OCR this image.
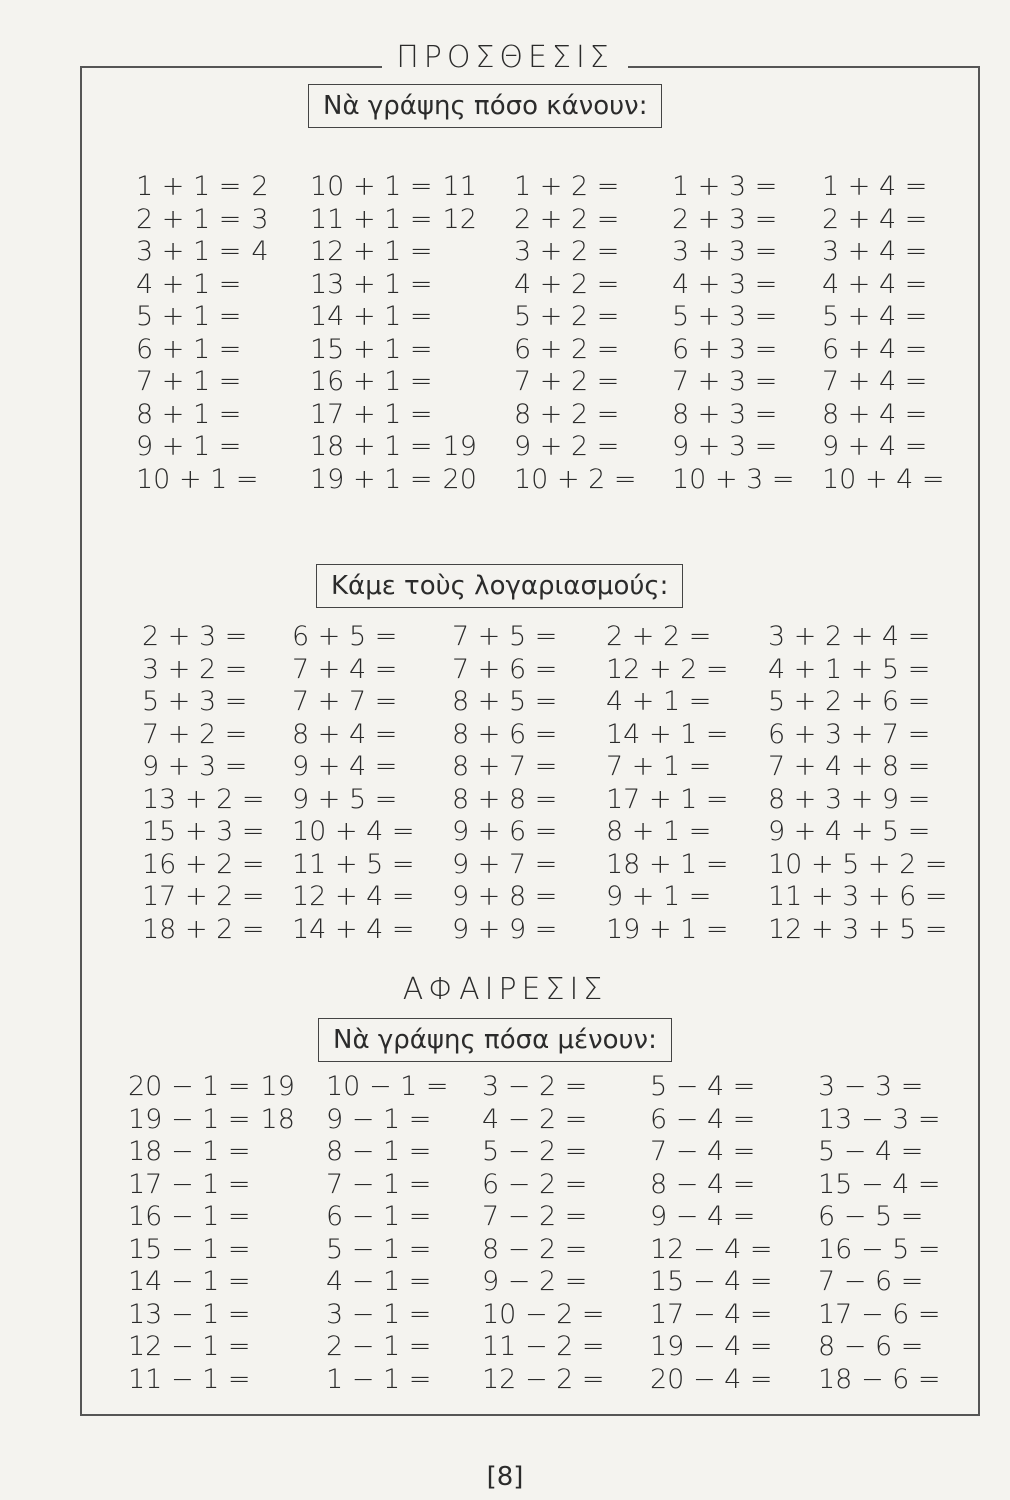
ΠΡΟΣΘΕΣΙΣ
Νὰ γράψης πόσο κάνουν:
1 + 1 = 2
2 + 1 = 3
3 + 1 = 4
4 + 1 =
5 + 1 =
6 + 1 =
7 + 1 =
8 + 1 =
9 + 1 =
10 + 1 =
10 + 1 = 11
11 + 1 = 12
12 + 1 =
13 + 1 =
14 + 1 =
15 + 1 =
16 + 1 =
17 + 1 =
18 + 1 = 19
19 + 1 = 20
1 + 2 =
2 + 2 =
3 + 2 =
4 + 2 =
5 + 2 =
6 + 2 =
7 + 2 =
8 + 2 =
9 + 2 =
10 + 2 =
1 + 3 =
2 + 3 =
3 + 3 =
4 + 3 =
5 + 3 =
6 + 3 =
7 + 3 =
8 + 3 =
9 + 3 =
10 + 3 =
1 + 4 =
2 + 4 =
3 + 4 =
4 + 4 =
5 + 4 =
6 + 4 =
7 + 4 =
8 + 4 =
9 + 4 =
10 + 4 =
Κάμε τοὺς λογαριασμούς:
2 + 3 =
3 + 2 =
5 + 3 =
7 + 2 =
9 + 3 =
13 + 2 =
15 + 3 =
16 + 2 =
17 + 2 =
18 + 2 =
6 + 5 =
7 + 4 =
7 + 7 =
8 + 4 =
9 + 4 =
9 + 5 =
10 + 4 =
11 + 5 =
12 + 4 =
14 + 4 =
7 + 5 =
7 + 6 =
8 + 5 =
8 + 6 =
8 + 7 =
8 + 8 =
9 + 6 =
9 + 7 =
9 + 8 =
9 + 9 =
2 + 2 =
12 + 2 =
4 + 1 =
14 + 1 =
7 + 1 =
17 + 1 =
8 + 1 =
18 + 1 =
9 + 1 =
19 + 1 =
3 + 2 + 4 =
4 + 1 + 5 =
5 + 2 + 6 =
6 + 3 + 7 =
7 + 4 + 8 =
8 + 3 + 9 =
9 + 4 + 5 =
10 + 5 + 2 =
11 + 3 + 6 =
12 + 3 + 5 =
ΑΦΑΙΡΕΣΙΣ
Νὰ γράψης πόσα μένουν:
20 − 1 = 19
19 − 1 = 18
18 − 1 =
17 − 1 =
16 − 1 =
15 − 1 =
14 − 1 =
13 − 1 =
12 − 1 =
11 − 1 =
10 − 1 =
9 − 1 =
8 − 1 =
7 − 1 =
6 − 1 =
5 − 1 =
4 − 1 =
3 − 1 =
2 − 1 =
1 − 1 =
3 − 2 =
4 − 2 =
5 − 2 =
6 − 2 =
7 − 2 =
8 − 2 =
9 − 2 =
10 − 2 =
11 − 2 =
12 − 2 =
5 − 4 =
6 − 4 =
7 − 4 =
8 − 4 =
9 − 4 =
12 − 4 =
15 − 4 =
17 − 4 =
19 − 4 =
20 − 4 =
3 − 3 =
13 − 3 =
5 − 4 =
15 − 4 =
6 − 5 =
16 − 5 =
7 − 6 =
17 − 6 =
8 − 6 =
18 − 6 =
[8]
